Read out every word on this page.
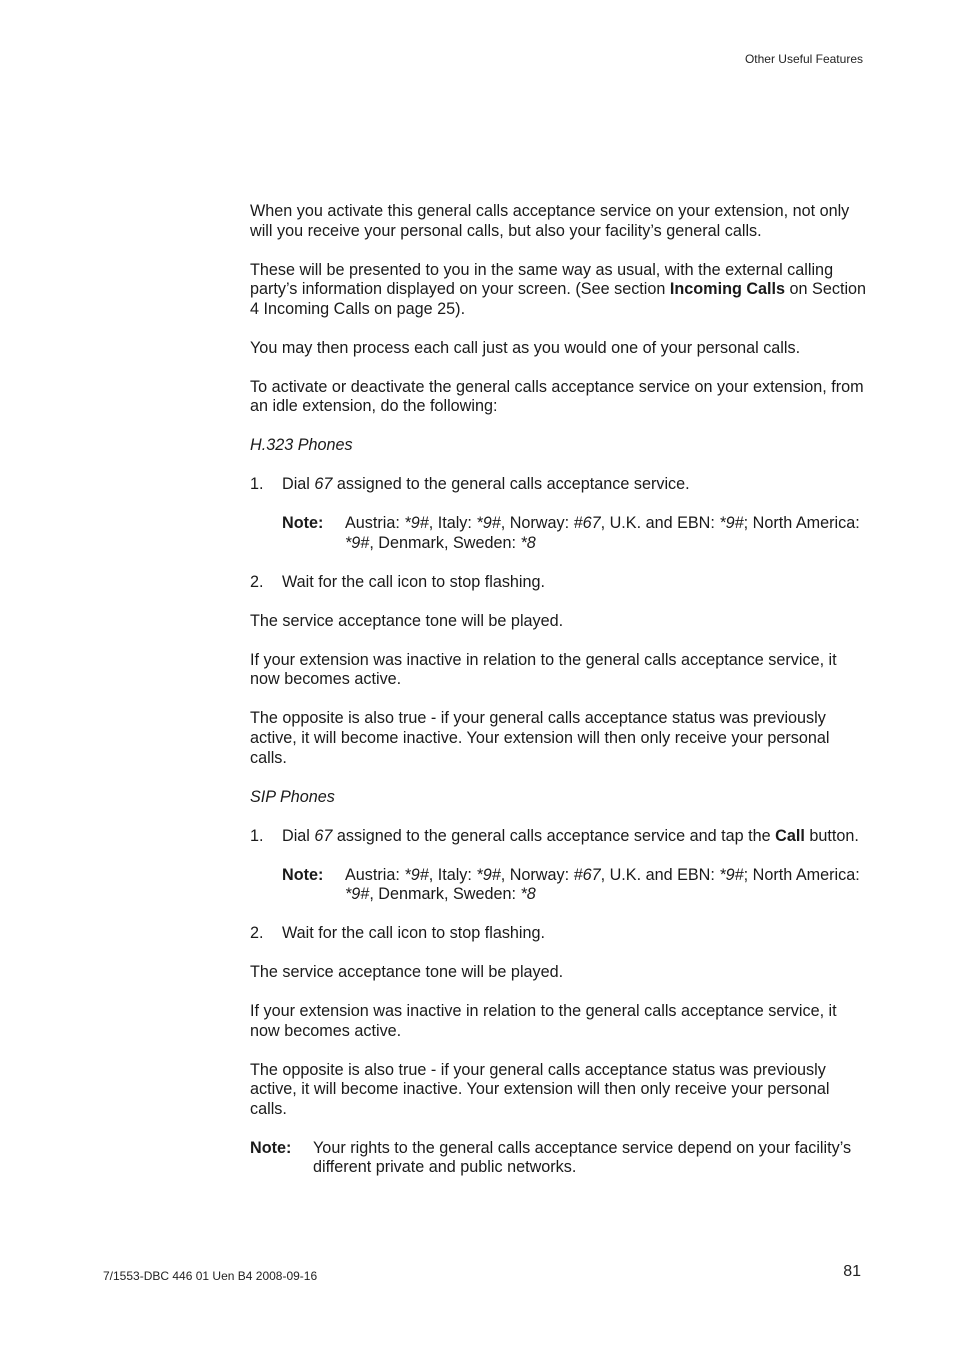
Other Useful Features

When you activate this general calls acceptance service on your extension, not only will you receive your personal calls, but also your facility’s general calls.

These will be presented to you in the same way as usual, with the external calling party’s information displayed on your screen. (See section Incoming Calls on Section 4 Incoming Calls on page 25).

You may then process each call just as you would one of your personal calls.

To activate or deactivate the general calls acceptance service on your extension, from an idle extension, do the following:

H.323 Phones

1.	Dial 67 assigned to the general calls acceptance service.
Note:	Austria: *9#, Italy: *9#, Norway: #67, U.K. and EBN: *9#; North America: *9#, Denmark, Sweden: *8
2.	Wait for the call icon to stop flashing.

The service acceptance tone will be played.

If your extension was inactive in relation to the general calls acceptance service, it now becomes active.

The opposite is also true - if your general calls acceptance status was previously active, it will become inactive. Your extension will then only receive your personal calls.

SIP Phones

1.	Dial 67 assigned to the general calls acceptance service and tap the Call button.
Note:	Austria: *9#, Italy: *9#, Norway: #67, U.K. and EBN: *9#; North America: *9#, Denmark, Sweden: *8
2.	Wait for the call icon to stop flashing.

The service acceptance tone will be played.

If your extension was inactive in relation to the general calls acceptance service, it now becomes active.

The opposite is also true - if your general calls acceptance status was previously active, it will become inactive. Your extension will then only receive your personal calls.

Note:	Your rights to the general calls acceptance service depend on your facility’s different private and public networks.
7/1553-DBC 446 01 Uen B4 2008-09-16	81
